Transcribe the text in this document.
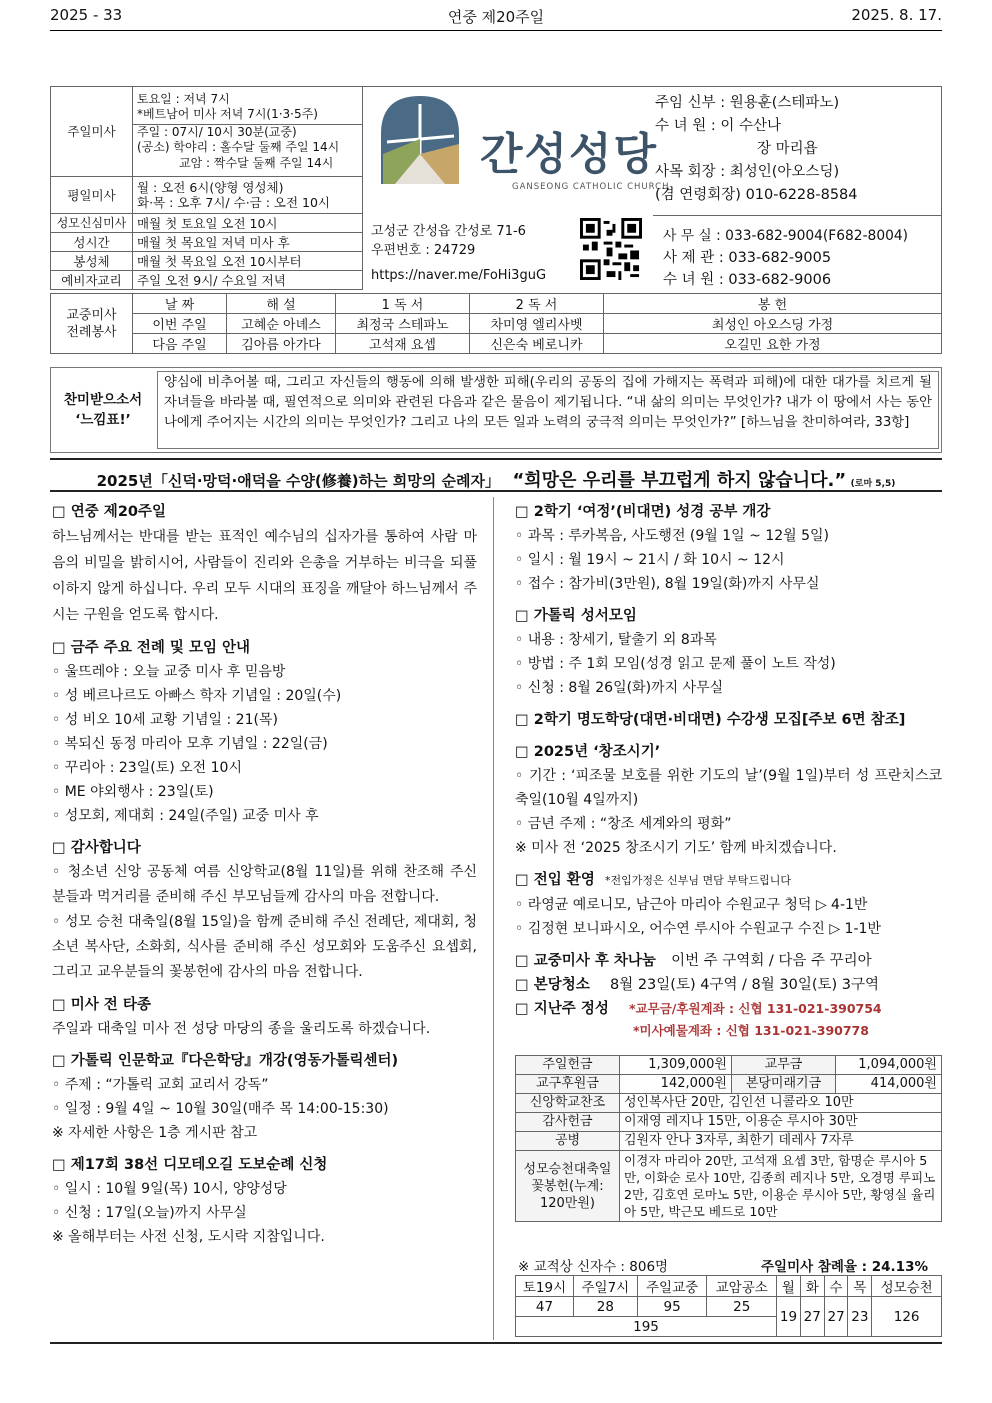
2025 - 33	연중 제20주일	2025. 8. 17.
주일미사	토요일 : 저녁 7시
*베트남어 미사 저녁 7시(1·3·5주)
주일 : 07시/ 10시 30분(교중)
(공소) 학야리 : 홀수달 둘째 주일 14시
교암 : 짝수달 둘째 주일 14시

평일미사	월 : 오전 6시(양형 영성체)
화·목 : 오후 7시/ 수·금 : 오전 10시

성모신심미사	매월 첫 토요일 오전 10시
성시간	매월 첫 목요일 저녁 미사 후
봉성체	매월 첫 목요일 오전 10시부터
예비자교리	주일 오전 9시/ 수요일 저녁
간성성당
GANSEONG CATHOLIC CHURCH
고성군 간성읍 간성로 71-6
우편번호 : 24729
https://naver.me/FoHi3guG
주임 신부 : 원용훈(스테파노)
수 녀 원 : 이 수산나
장 마리욥
사목 회장 : 최성인(아오스딩)
(겸 연령회장) 010-6228-8584
사 무 실 : 033-682-9004(F682-8004)
사 제 관 : 033-682-9005
수 녀 원 : 033-682-9006
교중미사
전례봉사	날 짜	해 설	1 독 서	2 독 서	봉 헌
	이번 주일	고혜순 아녜스	최정국 스테파노	차미영 엘리사벳	최성인 아오스딩 가정
	다음 주일	김아름 아가다	고석재 요셉	신은숙 베로니카	오길민 요한 가정
찬미받으소서
‘느낌표!’
양심에 비추어볼 때, 그리고 자신들의 행동에 의해 발생한 피해(우리의 공동의 집에 가해지는 폭력과 피해)에 대한 대가를 치르게 될 자녀들을 바라볼 때, 필연적으로 의미와 관련된 다음과 같은 물음이 제기됩니다. “내 삶의 의미는 무엇인가? 내가 이 땅에서 사는 동안 나에게 주어지는 시간의 의미는 무엇인가? 그리고 나의 모든 일과 노력의 궁극적 의미는 무엇인가?” [하느님을 찬미하여라, 33항]
2025년「신덕·망덕·애덕을 수양(修養)하는 희망의 순례자」 “희망은 우리를 부끄럽게 하지 않습니다.” $_{(로마 5,5)}$
□ 연중 제20주일

하느님께서는 반대를 받는 표적인 예수님의 십자가를 통하여 사람 마음의 비밀을 밝히시어, 사람들이 진리와 은총을 거부하는 비극을 되풀이하지 않게 하십니다. 우리 모두 시대의 표징을 깨달아 하느님께서 주시는 구원을 얻도록 합시다.

□ 금주 주요 전례 및 모임 안내
◦ 울뜨레야 : 오늘 교중 미사 후 믿음방
◦ 성 베르나르도 아빠스 학자 기념일 : 20일(수)
◦ 성 비오 10세 교황 기념일 : 21(목)
◦ 복되신 동정 마리아 모후 기념일 : 22일(금)
◦ 꾸리아 : 23일(토) 오전 10시
◦ ME 야외행사 : 23일(토)
◦ 성모회, 제대회 : 24일(주일) 교중 미사 후
□ 감사합니다

◦ 청소년 신앙 공동체 여름 신앙학교(8월 11일)를 위해 찬조해 주신 분들과 먹거리를 준비해 주신 부모님들께 감사의 마음 전합니다.

◦ 성모 승천 대축일(8월 15일)을 함께 준비해 주신 전례단, 제대회, 청소년 복사단, 소화회, 식사를 준비해 주신 성모회와 도움주신 요셉회, 그리고 교우분들의 꽃봉헌에 감사의 마음 전합니다.

□ 미사 전 타종

주일과 대축일 미사 전 성당 마당의 종을 울리도록 하겠습니다.

□ 가톨릭 인문학교『다은학당』개강(영동가톨릭센터)
◦ 주제 : “가톨릭 교회 교리서 강독”
◦ 일정 : 9월 4일 ~ 10월 30일(매주 목 14:00-15:30)
※ 자세한 사항은 1층 게시판 참고
□ 제17회 38선 디모테오길 도보순례 신청
◦ 일시 : 10월 9일(목) 10시, 양양성당
◦ 신청 : 17일(오늘)까지 사무실
※ 올해부터는 사전 신청, 도시락 지참입니다.
□ 2학기 ‘여정’(비대면) 성경 공부 개강
◦ 과목 : 루카복음, 사도행전 (9월 1일 ~ 12월 5일)
◦ 일시 : 월 19시 ~ 21시 / 화 10시 ~ 12시
◦ 접수 : 참가비(3만원), 8월 19일(화)까지 사무실
□ 가톨릭 성서모임
◦ 내용 : 창세기, 탈출기 외 8과목
◦ 방법 : 주 1회 모임(성경 읽고 문제 풀이 노트 작성)
◦ 신청 : 8월 26일(화)까지 사무실
□ 2학기 명도학당(대면·비대면) 수강생 모집[주보 6면 참조]
□ 2025년 ‘창조시기’

◦ 기간 : ‘피조물 보호를 위한 기도의 날’(9월 1일)부터 성 프란치스코 축일(10월 4일까지)

◦ 금년 주제 : “창조 세계와의 평화”
※ 미사 전 ‘2025 창조시기 기도’ 함께 바치겠습니다.
□ 전입 환영 *전입가정은 신부님 면담 부탁드립니다
◦ 라영균 예로니모, 남근아 마리아 수원교구 청덕 ▷ 4-1반
◦ 김정현 보니파시오, 어수연 루시아 수원교구 수진 ▷ 1-1반
□ 교중미사 후 차나눔 이번 주 구역회 / 다음 주 꾸리아
□ 본당청소 8월 23일(토) 4구역 / 8월 30일(토) 3구역
□ 지난주 정성 *교무금/후원계좌 : 신협 131-021-390754
*미사예물계좌 : 신협 131-021-390778
주일헌금	1,309,000원	교무금	1,094,000원
교구후원금	142,000원	본당미래기금	414,000원
신앙학교찬조	성인복사단 20만, 김인선 니콜라오 10만		
감사헌금	이재영 레지나 15만, 이용순 루시아 30만		
공병	김원자 안나 3자루, 최한기 데레사 7자루		
성모승천대축일 꽃봉헌(누계: 120만원)	이경자 마리아 20만, 고석재 요셉 3만, 함명순 루시아 5만, 이화순 로사 10만, 김종희 레지나 5만, 오경명 루피노 2만, 김호연 로마노 5만, 이용순 루시아 5만, 황영실 율리아 5만, 박근모 베드로 10만		
※ 교적상 신자수 : 806명	주일미사 참례율 : 24.13%
토19시	주일7시	주일교중	교암공소	월	화	수	목	성모승천
47	28	95	25	19	27	27	23	126
195								
